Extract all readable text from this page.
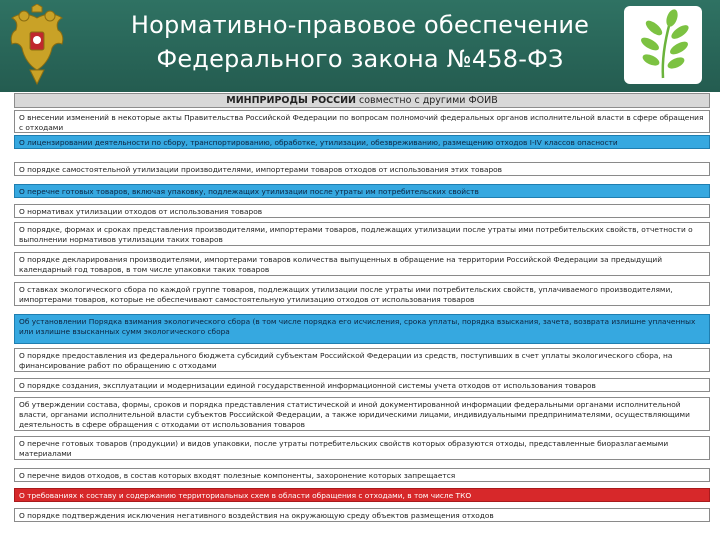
Нормативно-правовое обеспечение
Федерального закона №458-ФЗ
МИНПРИРОДЫ РОССИИ совместно с другими ФОИВ
О внесении изменений в некоторые акты Правительства Российской Федерации по вопросам полномочий федеральных органов исполнительной власти в сфере обращения с отходами
О лицензировании деятельности по сбору, транспортированию, обработке, утилизации, обезвреживанию, размещению отходов I-IV классов опасности
О порядке самостоятельной утилизации производителями, импортерами товаров отходов от использования этих товаров
О перечне готовых товаров, включая упаковку, подлежащих утилизации после утраты им потребительских свойств
О нормативах утилизации отходов от использования товаров
О порядке, формах и сроках представления производителями, импортерами товаров, подлежащих утилизации после утраты ими потребительских свойств, отчетности о выполнении нормативов утилизации таких товаров
О порядке декларирования производителями, импортерами товаров количества выпущенных в обращение на территории Российской Федерации за предыдущий календарный год товаров, в том числе упаковки таких товаров
О ставках экологического сбора по каждой группе товаров, подлежащих утилизации после утраты ими потребительских свойств, уплачиваемого производителями, импортерами товаров, которые не обеспечивают самостоятельную утилизацию отходов от использования товаров
Об установлении Порядка взимания экологического сбора (в том числе порядка его исчисления, срока уплаты, порядка взыскания, зачета, возврата излишне уплаченных или излишне взысканных сумм экологического сбора
О порядке предоставления из федерального бюджета субсидий субъектам Российской Федерации из средств, поступивших в счет уплаты экологического сбора, на финансирование работ по обращению с отходами
О порядке создания, эксплуатации и модернизации единой государственной информационной системы учета отходов от использования товаров
Об утверждении состава, формы, сроков и порядка представления статистической и иной документированной информации федеральными органами исполнительной власти, органами исполнительной власти субъектов Российской Федерации, а также юридическими лицами, индивидуальными предпринимателями, осуществляющими деятельность в сфере обращения с отходами от использования товаров
О перечне готовых товаров (продукции) и видов упаковки, после утраты потребительских свойств которых образуются отходы, представленные биоразлагаемыми материалами
О перечне видов отходов, в состав которых входят полезные компоненты, захоронение которых запрещается
О требованиях к составу и содержанию территориальных схем в области обращения с отходами, в том числе ТКО
О порядке подтверждения исключения негативного воздействия на окружающую среду объектов размещения отходов
